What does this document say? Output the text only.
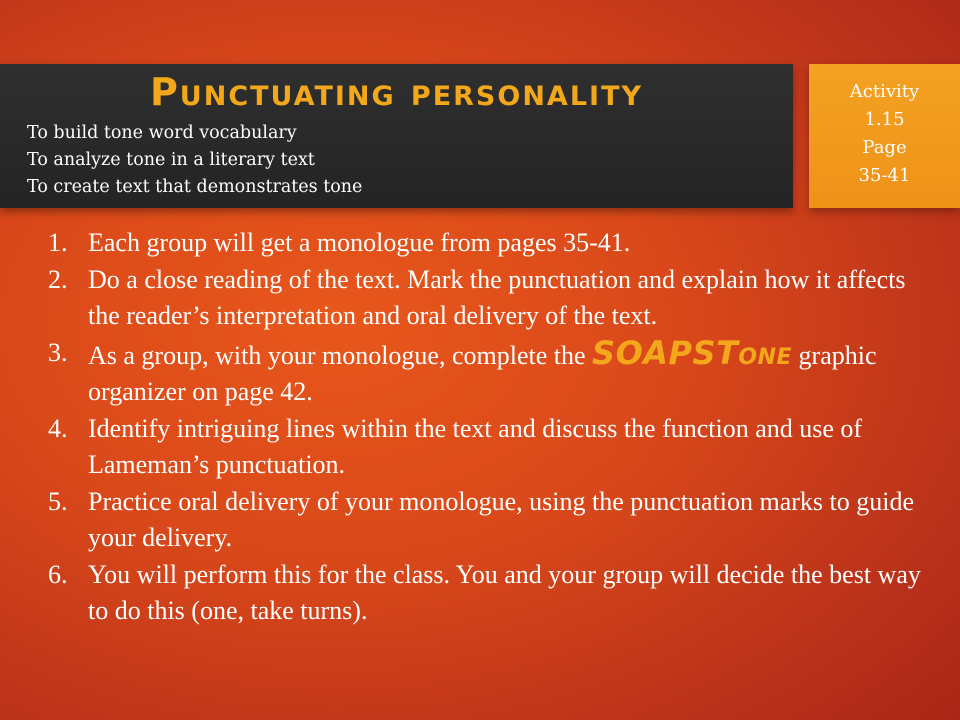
Punctuating personality
To build tone word vocabulary
To analyze tone in a literary text
To create text that demonstrates tone
Activity
1.15
Page
35-41
1. Each group will get a monologue from pages 35-41.
2. Do a close reading of the text. Mark the punctuation and explain how it affects the reader’s interpretation and oral delivery of the text.
3. As a group, with your monologue, complete the SOAPSTone graphic organizer on page 42.
4. Identify intriguing lines within the text and discuss the function and use of Lameman’s punctuation.
5. Practice oral delivery of your monologue, using the punctuation marks to guide your delivery.
6. You will perform this for the class. You and your group will decide the best way to do this (one, take turns).
